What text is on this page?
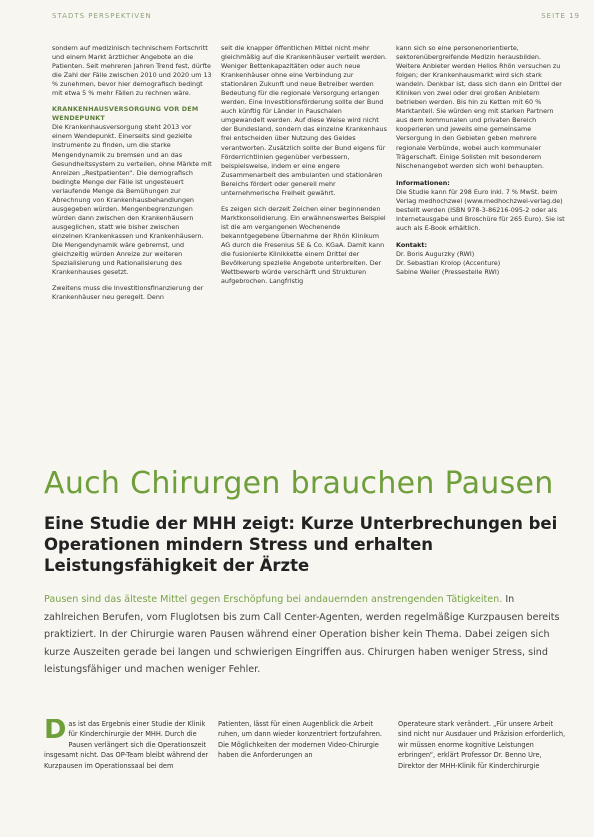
STADTS PERSPEKTIVEN	SEITE 19

sondern auf medizinisch technischem Fortschritt und einem Markt ärztlicher Angebote an die Patienten. Seit mehreren Jahren Trend fest, dürfte die Zahl der Fälle zwischen 2010 und 2020 um 13 % zunehmen, bevor hier demografisch bedingt mit etwa 5 % mehr Fällen zu rechnen wäre.

KRANKENHAUSVERSORGUNG VOR DEM WENDEPUNKT

Die Krankenhausversorgung steht 2013 vor einem Wendepunkt. Einerseits sind gezielte Instrumente zu finden, um die starke Mengendynamik zu bremsen und an das Gesundheitssystem zu verteilen, ohne Märkte mit Anreizen „Restpatienten“. Die demografisch bedingte Menge der Fälle ist ungesteuert verlaufende Menge da Bemühungen zur Abrechnung von Krankenhausbehandlungen ausgegeben würden. Mengenbegrenzungen würden dann zwischen den Krankenhäusern ausgeglichen, statt wie bisher zwischen einzelnen Krankenkassen und Krankenhäusern. Die Mengendynamik wäre gebremst, und gleichzeitig würden Anreize zur weiteren Spezialisierung und Rationalisierung des Krankenhauses gesetzt.

Zweitens muss die Investitionsfinanzierung der Krankenhäuser neu geregelt. Denn

seit die knapper öffentlichen Mittel nicht mehr gleichmäßig auf die Krankenhäuser verteilt werden. Weniger Bettenkapazitäten oder auch neue Krankenhäuser ohne eine Verbindung zur stationären Zukunft und neue Betreiber werden Bedeutung für die regionale Versorgung erlangen werden. Eine Investitionsförderung sollte der Bund auch künftig für Länder in Pauschalen umgewandelt werden. Auf diese Weise wird nicht der Bundesland, sondern das einzelne Krankenhaus frei entscheiden über Nutzung des Geldes verantworten. Zusätzlich sollte der Bund eigens für Förderrichtlinien gegenüber verbessern, beispielsweise, indem er eine engere Zusammenarbeit des ambulanten und stationären Bereichs fördert oder generell mehr unternehmerische Freiheit gewährt.

Es zeigen sich derzeit Zeichen einer beginnenden Marktkonsolidierung. Ein erwähnenswertes Beispiel ist die am vergangenen Wochenende bekanntgegebene Übernahme der Rhön Klinikum AG durch die Fresenius SE & Co. KGaA. Damit kann die fusionierte Klinikkette einem Drittel der Bevölkerung spezielle Angebote unterbreiten. Der Wettbewerb würde verschärft und Strukturen aufgebrochen. Langfristig

kann sich so eine personenorientierte, sektorenübergreifende Medizin herausbilden. Weitere Anbieter werden Helios Rhön versuchen zu folgen; der Krankenhausmarkt wird sich stark wandeln. Denkbar ist, dass sich dann ein Drittel der Kliniken von zwei oder drei großen Anbietern betrieben werden. Bis hin zu Ketten mit 60 % Marktanteil. Sie würden eng mit starken Partnern aus dem kommunalen und privaten Bereich kooperieren und jeweils eine gemeinsame Versorgung in den Gebieten geben mehrere regionale Verbünde, wobei auch kommunaler Trägerschaft. Einige Solisten mit besonderem Nischenangebot werden sich wohl behaupten.

Informationen:

Die Studie kann für 298 Euro inkl. 7 % MwSt. beim Verlag medhochzwei (www.medhochzwei-verlag.de) bestellt werden (ISBN 978-3-86216-095-2 oder als Internetausgabe und Broschüre für 265 Euro). Sie ist auch als E-Book erhältlich.

Kontakt:

Dr. Boris Augurzky (RWI)

Dr. Sebastian Krolop (Accenture)

Sabine Weiler (Pressestelle RWI)

Auch Chirurgen brauchen Pausen
Eine Studie der MHH zeigt: Kurze Unterbrechungen bei Operationen mindern Stress und erhalten Leistungsfähigkeit der Ärzte

Pausen sind das älteste Mittel gegen Erschöpfung bei andauernden anstrengenden Tätigkeiten. In zahlreichen Berufen, vom Fluglotsen bis zum Call Center-Agenten, werden regelmäßige Kurzpausen bereits praktiziert. In der Chirurgie waren Pausen während einer Operation bisher kein Thema. Dabei zeigen sich kurze Auszeiten gerade bei langen und schwierigen Eingriffen aus. Chirurgen haben weniger Stress, sind leistungsfähiger und machen weniger Fehler.

D as ist das Ergebnis einer Studie der Klinik für Kinderchirurgie der MHH. Durch die Pausen verlängert sich die Operationszeit insgesamt nicht. Das OP-Team bleibt während der Kurzpausen im Operationssaal bei dem
Patienten, lässt für einen Augenblick die Arbeit ruhen, um dann wieder konzentriert fortzufahren. Die Möglichkeiten der modernen Video-Chirurgie haben die Anforderungen an
Operateure stark verändert. „Für unsere Arbeit sind nicht nur Ausdauer und Präzision erforderlich, wir müssen enorme kognitive Leistungen erbringen“, erklärt Professor Dr. Benno Ure, Direktor der MHH-Klinik für Kinderchirurgie
